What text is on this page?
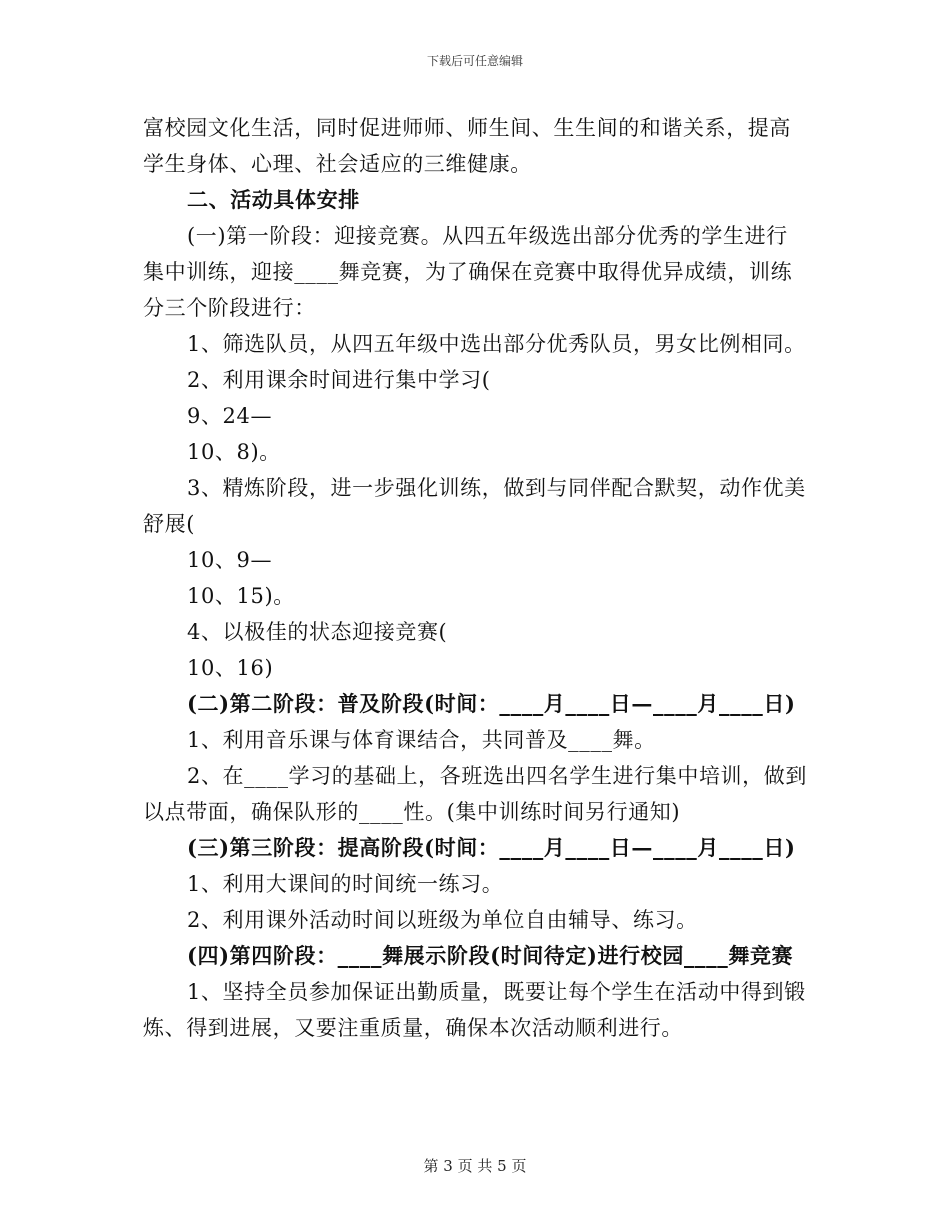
下载后可任意编辑
富校园文化生活，同时促进师师、师生间、生生间的和谐关系，提高
学生身体、心理、社会适应的三维健康。
二、活动具体安排
(一)第一阶段：迎接竞赛。从四五年级选出部分优秀的学生进行
集中训练，迎接____舞竞赛，为了确保在竞赛中取得优异成绩，训练
分三个阶段进行：
1、筛选队员，从四五年级中选出部分优秀队员，男女比例相同。
2、利用课余时间进行集中学习(
9、24—
10、8)。
3、精炼阶段，进一步强化训练，做到与同伴配合默契，动作优美
舒展(
10、9—
10、15)。
4、以极佳的状态迎接竞赛(
10、16)
(二)第二阶段：普及阶段(时间：____月____日—____月____日)
1、利用音乐课与体育课结合，共同普及____舞。
2、在____学习的基础上，各班选出四名学生进行集中培训，做到
以点带面，确保队形的____性。(集中训练时间另行通知)
(三)第三阶段：提高阶段(时间：____月____日—____月____日)
1、利用大课间的时间统一练习。
2、利用课外活动时间以班级为单位自由辅导、练习。
(四)第四阶段：____舞展示阶段(时间待定)进行校园____舞竞赛
1、坚持全员参加保证出勤质量，既要让每个学生在活动中得到锻
炼、得到进展，又要注重质量，确保本次活动顺利进行。
第 3 页 共 5 页
